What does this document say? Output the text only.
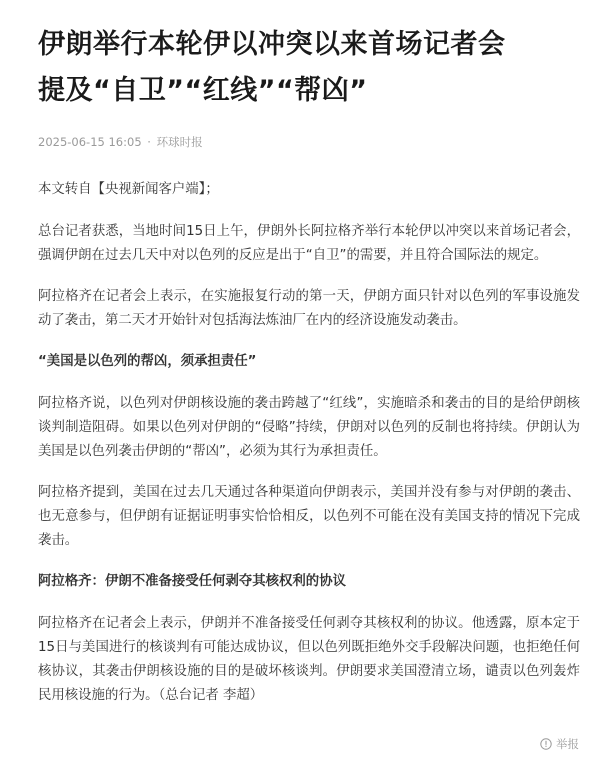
伊朗举行本轮伊以冲突以来首场记者会
提及“自卫”“红线”“帮凶”
2025-06-15 16:05 · 环球时报

本文转自【央视新闻客户端】；

总台记者获悉，当地时间15日上午，伊朗外长阿拉格齐举行本轮伊以冲突以来首场记者会，强调伊朗在过去几天中对以色列的反应是出于“自卫”的需要，并且符合国际法的规定。

阿拉格齐在记者会上表示，在实施报复行动的第一天，伊朗方面只针对以色列的军事设施发动了袭击，第二天才开始针对包括海法炼油厂在内的经济设施发动袭击。

“美国是以色列的帮凶，须承担责任”

阿拉格齐说，以色列对伊朗核设施的袭击跨越了“红线”，实施暗杀和袭击的目的是给伊朗核谈判制造阻碍。如果以色列对伊朗的“侵略”持续，伊朗对以色列的反制也将持续。伊朗认为美国是以色列袭击伊朗的“帮凶”，必须为其行为承担责任。

阿拉格齐提到，美国在过去几天通过各种渠道向伊朗表示，美国并没有参与对伊朗的袭击、也无意参与，但伊朗有证据证明事实恰恰相反，以色列不可能在没有美国支持的情况下完成袭击。

阿拉格齐：伊朗不准备接受任何剥夺其核权利的协议

阿拉格齐在记者会上表示，伊朗并不准备接受任何剥夺其核权利的协议。他透露，原本定于15日与美国进行的核谈判有可能达成协议，但以色列既拒绝外交手段解决问题，也拒绝任何核协议，其袭击伊朗核设施的目的是破坏核谈判。伊朗要求美国澄清立场，谴责以色列轰炸民用核设施的行为。（总台记者 李超）

举报
